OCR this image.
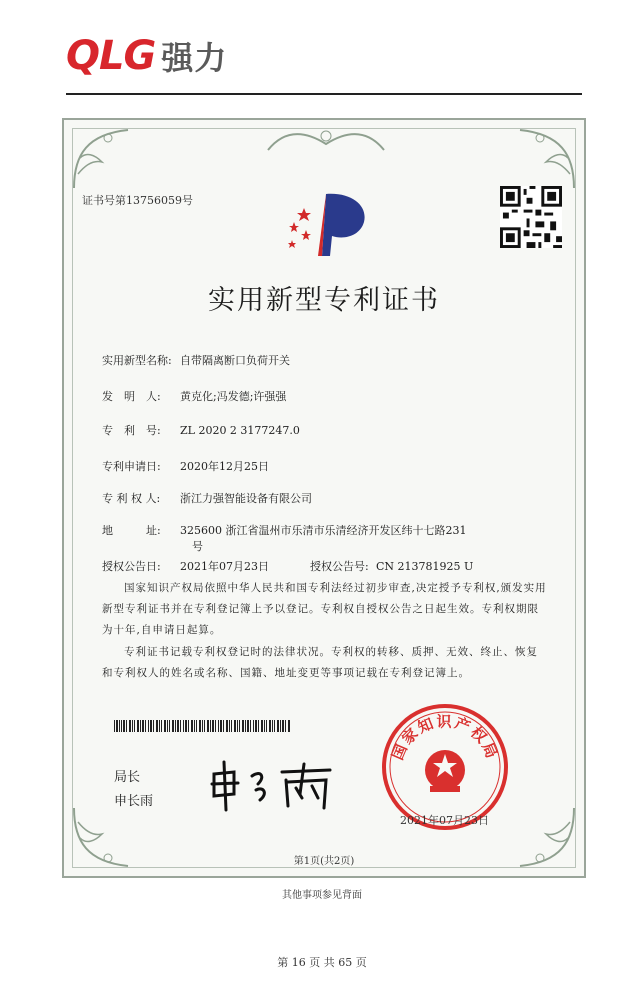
QLG 强力
证书号第13756059号
实用新型专利证书
实用新型名称: 自带隔离断口负荷开关
发　明　人: 黄克化;冯发德;许强强
专　利　号: ZL 2020 2 3177247.0
专利申请日: 2020年12月25日
专 利 权 人: 浙江力强智能设备有限公司
地　　　址: 325600 浙江省温州市乐清市乐清经济开发区纬十七路231
号
授权公告日: 2021年07月23日	授权公告号: CN 213781925 U
国家知识产权局依照中华人民共和国专利法经过初步审查,决定授予专利权,颁发实用新型专利证书并在专利登记簿上予以登记。专利权自授权公告之日起生效。专利权期限为十年,自申请日起算。
专利证书记载专利权登记时的法律状况。专利权的转移、质押、无效、终止、恢复和专利权人的姓名或名称、国籍、地址变更等事项记载在专利登记簿上。
局长
申长雨
国家知识产权局
2021年07月23日
第1页(共2页)
其他事项参见背面
第 16 页 共 65 页
